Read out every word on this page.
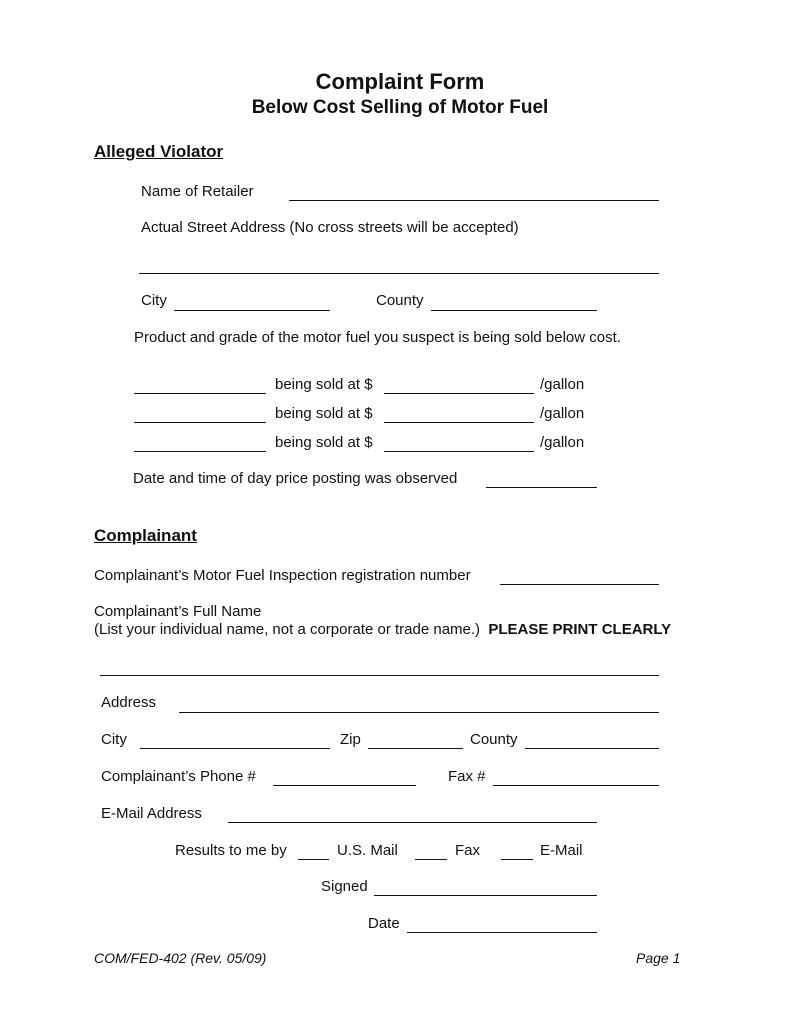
Complaint Form
Below Cost Selling of Motor Fuel
Alleged Violator
Name of Retailer
Actual Street Address (No cross streets will be accepted)
City	County
Product and grade of the motor fuel you suspect is being sold below cost.
being sold at $	/gallon
being sold at $	/gallon
being sold at $	/gallon
Date and time of day price posting was observed
Complainant
Complainant’s Motor Fuel Inspection registration number
Complainant’s Full Name
(List your individual name, not a corporate or trade name.) PLEASE PRINT CLEARLY
Address
City	Zip	County
Complainant’s Phone #	Fax #
E-Mail Address
Results to me by	U.S. Mail	Fax	E-Mail
Signed
Date
COM/FED-402 (Rev. 05/09)	Page 1
